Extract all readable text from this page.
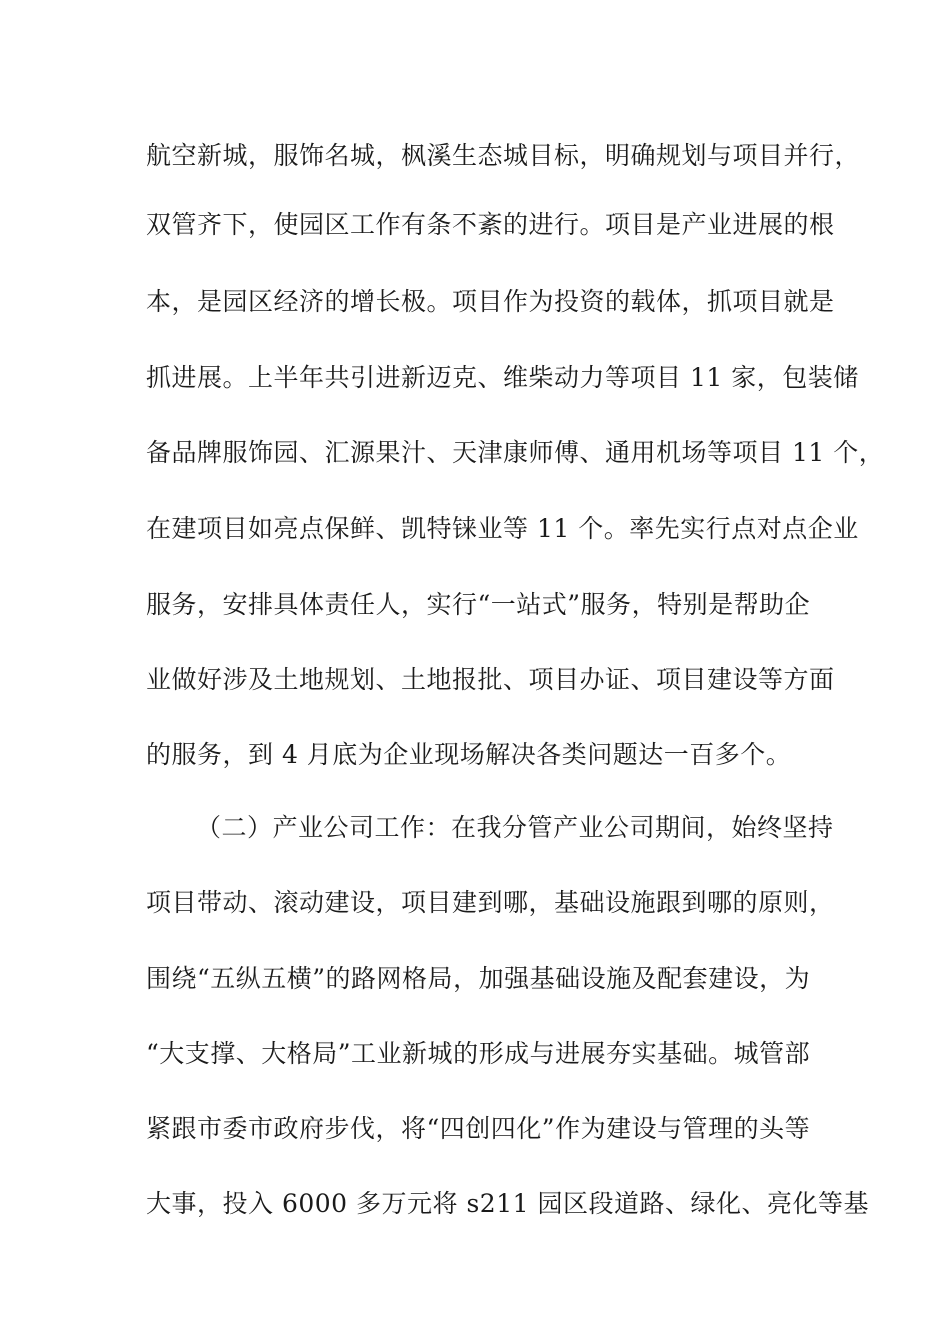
航空新城，服饰名城，枫溪生态城目标，明确规划与项目并行，
双管齐下，使园区工作有条不紊的进行。项目是产业进展的根
本，是园区经济的增长极。项目作为投资的载体，抓项目就是
抓进展。上半年共引进新迈克、维柴动力等项目 11 家，包装储
备品牌服饰园、汇源果汁、天津康师傅、通用机场等项目 11 个，
在建项目如亮点保鲜、凯特铼业等 11 个。率先实行点对点企业
服务，安排具体责任人，实行“一站式”服务，特别是帮助企
业做好涉及土地规划、土地报批、项目办证、项目建设等方面
的服务，到 4 月底为企业现场解决各类问题达一百多个。
（二）产业公司工作：在我分管产业公司期间，始终坚持
项目带动、滚动建设，项目建到哪，基础设施跟到哪的原则，
围绕“五纵五横”的路网格局，加强基础设施及配套建设，为
“大支撑、大格局”工业新城的形成与进展夯实基础。城管部
紧跟市委市政府步伐，将“四创四化”作为建设与管理的头等
大事，投入 6000 多万元将 s211 园区段道路、绿化、亮化等基
